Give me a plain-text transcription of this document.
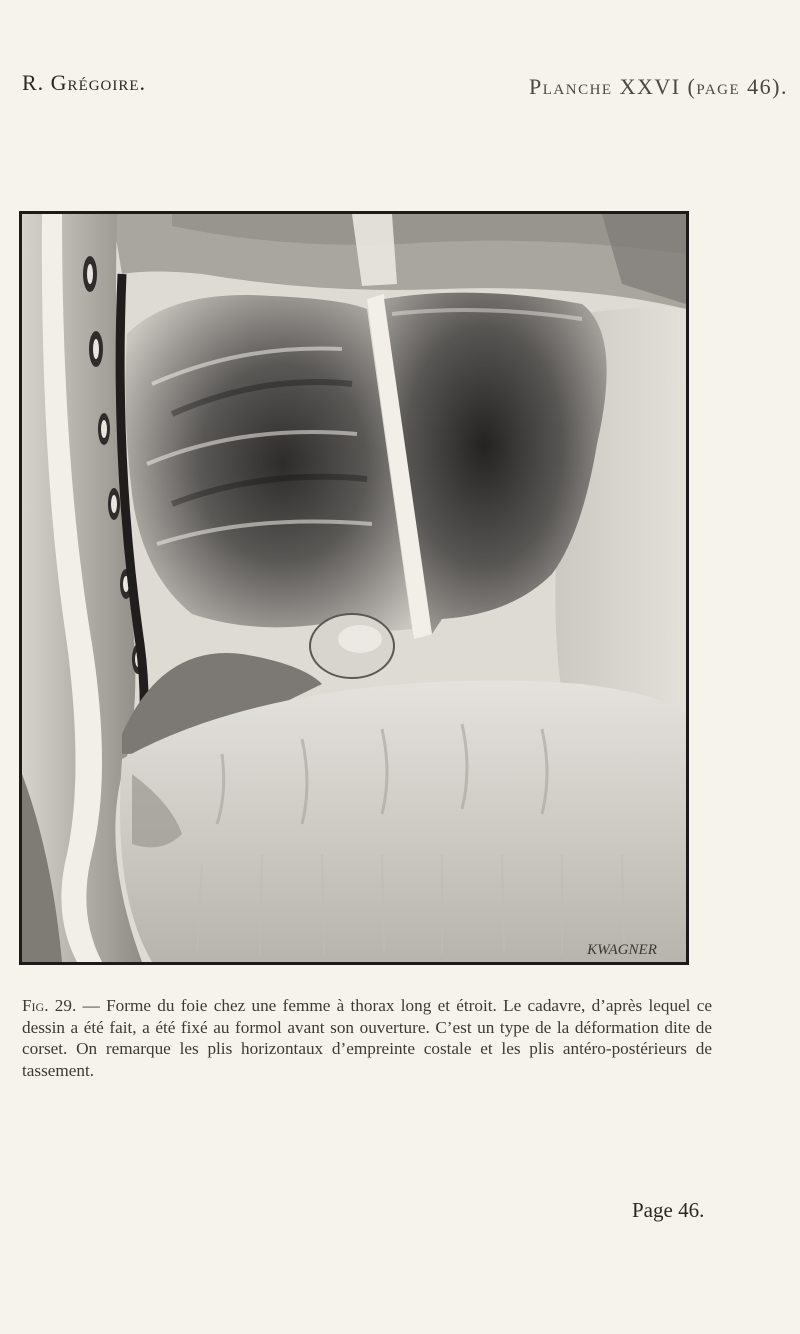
R. Grégoire.	Planche XXVI (page 46).
KWAGNER
Fig. 29. — Forme du foie chez une femme à thorax long et étroit. Le cadavre, d’après lequel ce dessin a été fait, a été fixé au formol avant son ouverture. C’est un type de la déformation dite de corset. On remarque les plis horizontaux d’empreinte costale et les plis antéro-postérieurs de tassement.
Page 46.
